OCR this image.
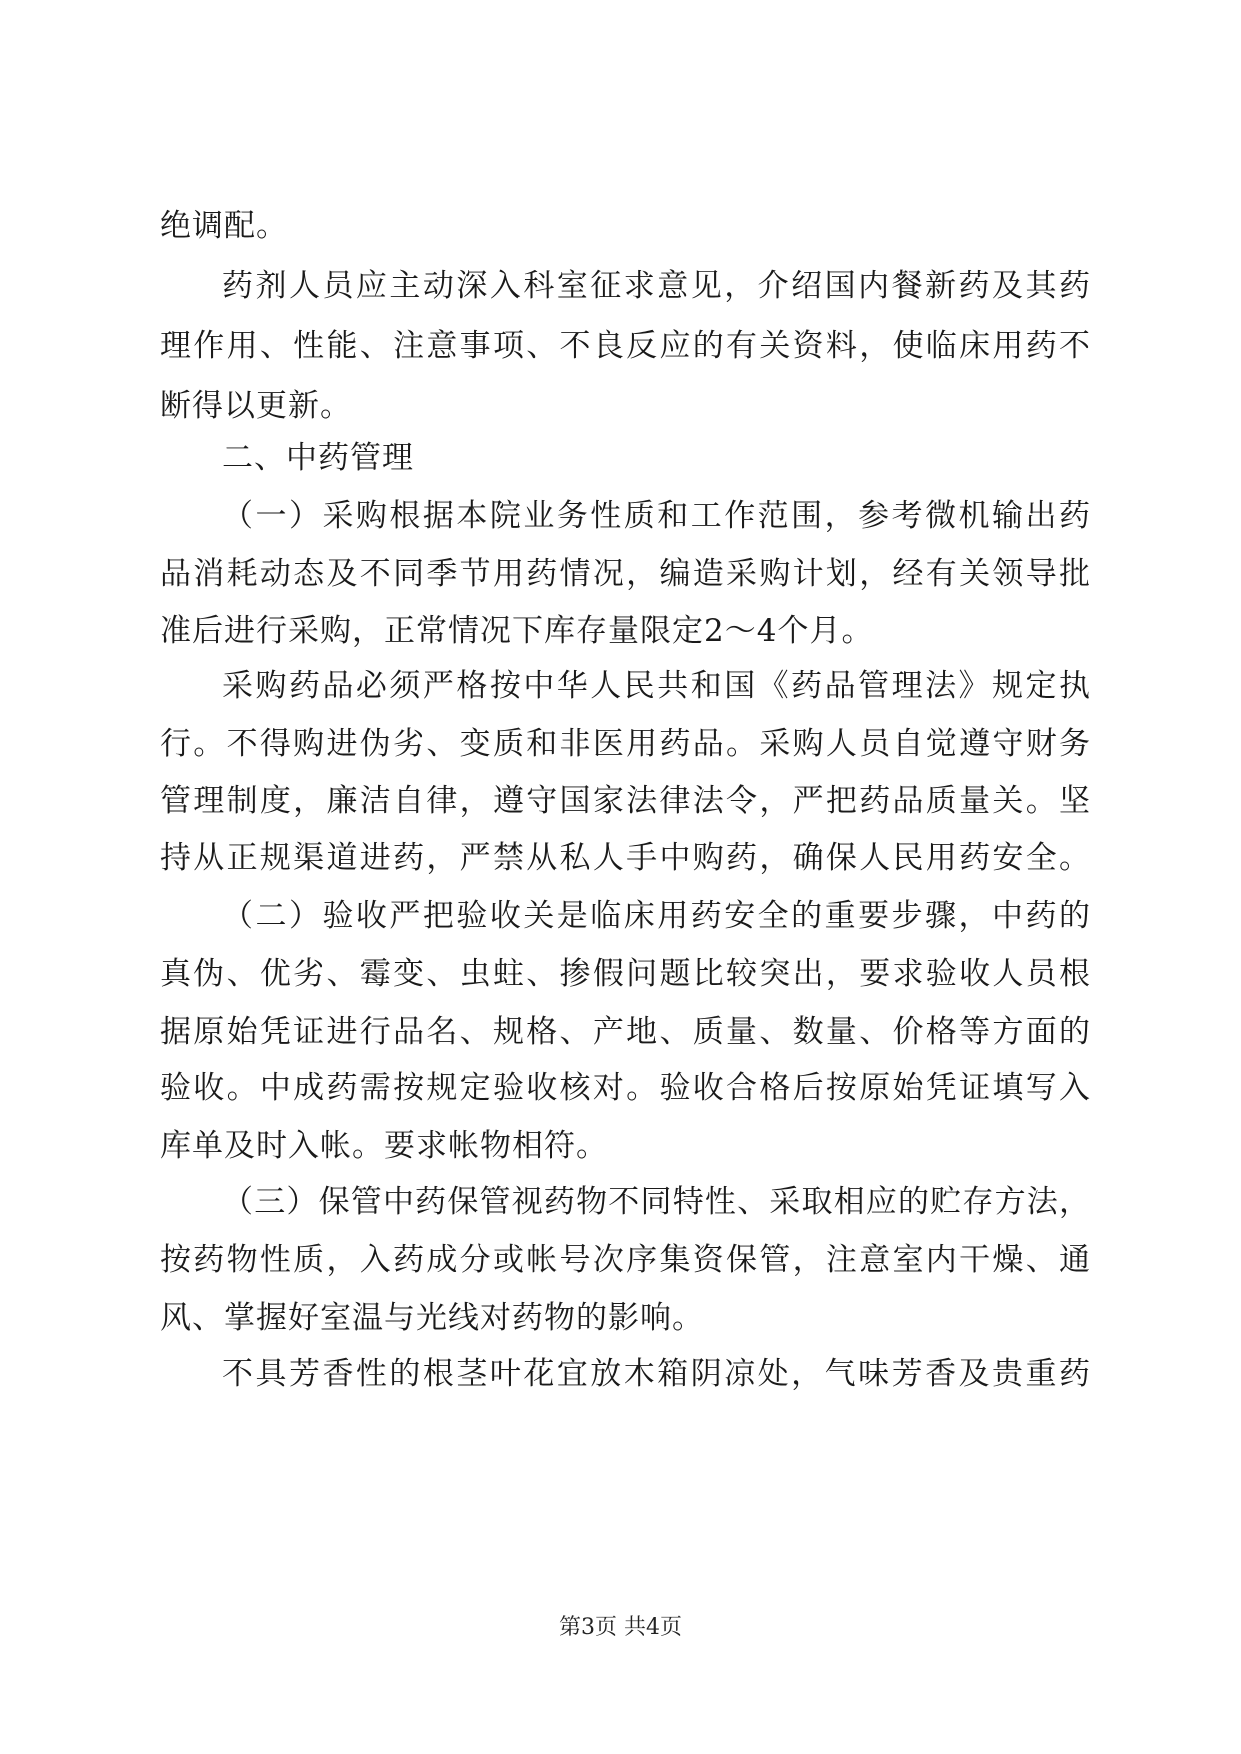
绝调配。
药剂人员应主动深入科室征求意见，介绍国内餐新药及其药
理作用、性能、注意事项、不良反应的有关资料，使临床用药不
断得以更新。
二、中药管理
（一）采购根据本院业务性质和工作范围，参考微机输出药
品消耗动态及不同季节用药情况，编造采购计划，经有关领导批
准后进行采购，正常情况下库存量限定2～4个月。
采购药品必须严格按中华人民共和国《药品管理法》规定执
行。不得购进伪劣、变质和非医用药品。采购人员自觉遵守财务
管理制度，廉洁自律，遵守国家法律法令，严把药品质量关。坚
持从正规渠道进药，严禁从私人手中购药，确保人民用药安全。
（二）验收严把验收关是临床用药安全的重要步骤，中药的
真伪、优劣、霉变、虫蛀、掺假问题比较突出，要求验收人员根
据原始凭证进行品名、规格、产地、质量、数量、价格等方面的
验收。中成药需按规定验收核对。验收合格后按原始凭证填写入
库单及时入帐。要求帐物相符。
（三）保管中药保管视药物不同特性、采取相应的贮存方法，
按药物性质，入药成分或帐号次序集资保管，注意室内干燥、通
风、掌握好室温与光线对药物的影响。
不具芳香性的根茎叶花宜放木箱阴凉处，气味芳香及贵重药
第3页 共4页
